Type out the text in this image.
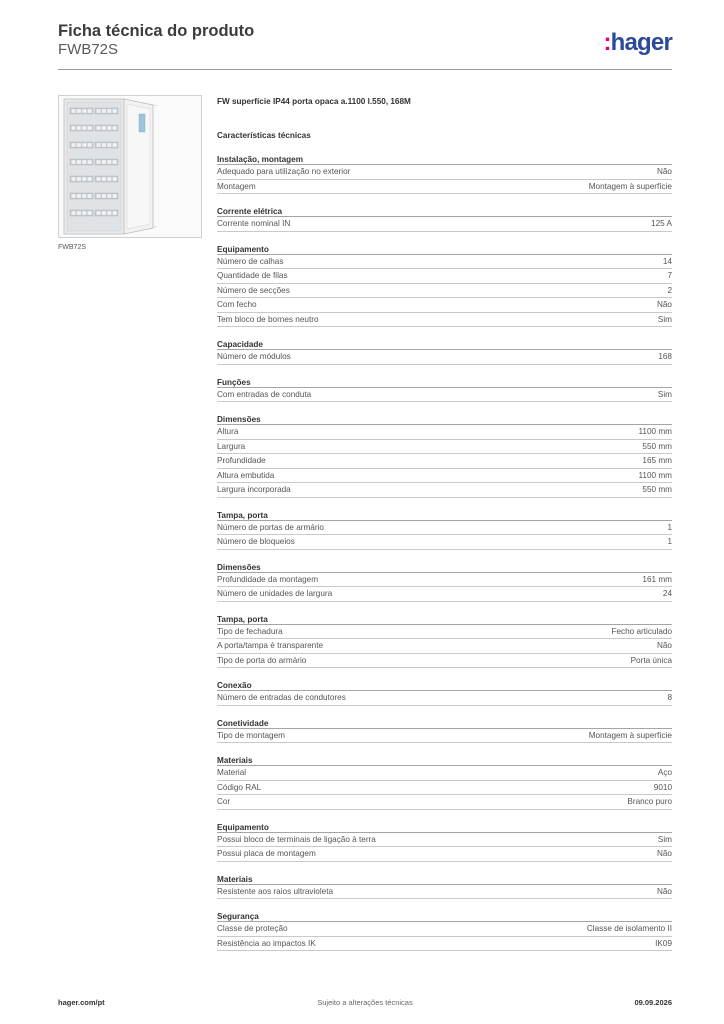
Ficha técnica do produto
FWB72S	:hager
FWB72S
FW superfície IP44 porta opaca a.1100 l.550, 168M
Características técnicas
Instalação, montagem
Adequado para utilização no exterior	Não
Montagem	Montagem à superfície
Corrente elétrica
Corrente nominal IN	125 A
Equipamento
Número de calhas	14
Quantidade de filas	7
Número de secções	2
Com fecho	Não
Tem bloco de bornes neutro	Sim
Capacidade
Número de módulos	168
Funções
Com entradas de conduta	Sim
Dimensões
Altura	1100 mm
Largura	550 mm
Profundidade	165 mm
Altura embutida	1100 mm
Largura incorporada	550 mm
Tampa, porta
Número de portas de armário	1
Número de bloqueios	1
Dimensões
Profundidade da montagem	161 mm
Número de unidades de largura	24
Tampa, porta
Tipo de fechadura	Fecho articulado
A porta/tampa é transparente	Não
Tipo de porta do armário	Porta única
Conexão
Número de entradas de condutores	8
Conetividade
Tipo de montagem	Montagem à superfície
Materiais
Material	Aço
Código RAL	9010
Cor	Branco puro
Equipamento
Possui bloco de terminais de ligação à terra	Sim
Possui placa de montagem	Não
Materiais
Resistente aos raios ultravioleta	Não
Segurança
Classe de proteção	Classe de isolamento II
Resistência ao impactos IK	IK09
hager.com/pt	Sujeito a alterações técnicas	09.09.2026
